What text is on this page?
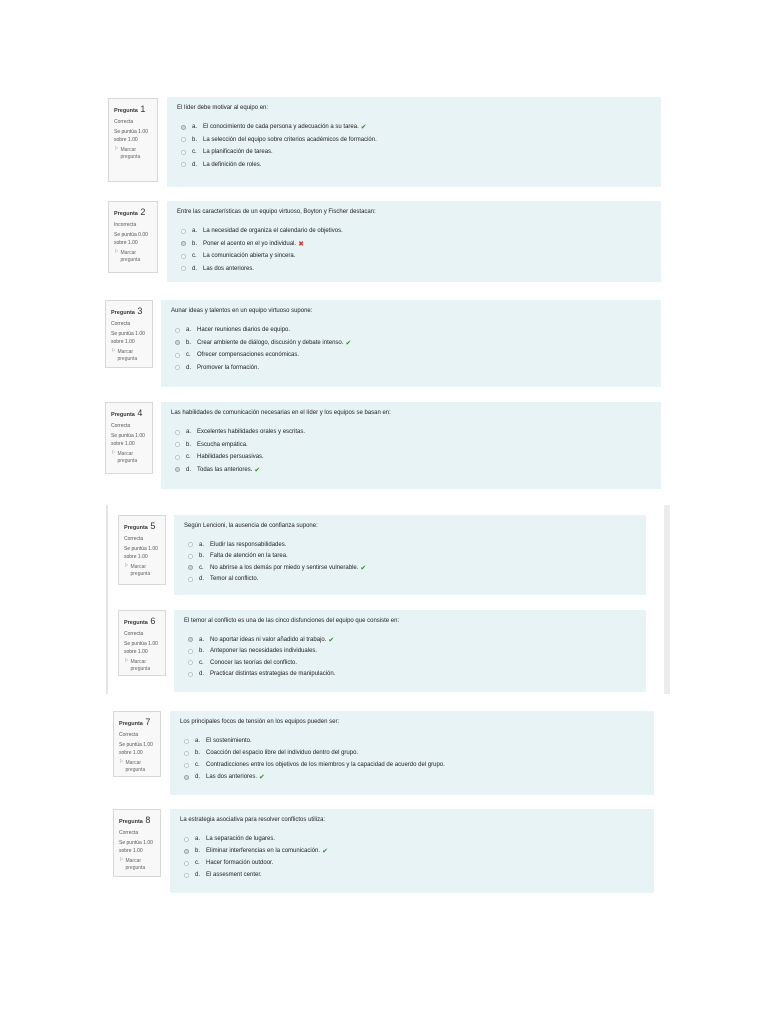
Pregunta 1
Correcta
Se puntúa 1.00 sobre 1.00
⚐ Marcar pregunta
El líder debe motivar al equipo en:
a. El conocimiento de cada persona y adecuación a su tarea. ✔
b. La selección del equipo sobre criterios académicos de formación.
c.	La planificación de tareas.
d. La definición de roles.
Pregunta 2
Incorrecta
Se puntúa 0.00 sobre 1.00
⚐ Marcar pregunta
Entre las características de un equipo virtuoso, Boyton y Fischer destacan:
a. La necesidad de organiza el calendario de objetivos.
b. Poner el acento en el yo individual. ✖
c.	La comunicación abierta y sincera.
d. Las dos anteriores.
Pregunta 3
Correcta
Se puntúa 1.00 sobre 1.00
⚐ Marcar pregunta
Aunar ideas y talentos en un equipo virtuoso supone:
a. Hacer reuniones diarios de equipo.
b. Crear ambiente de diálogo, discusión y debate intenso. ✔
c.	Ofrecer compensaciones económicas.
d. Promover la formación.
Pregunta 4
Correcta
Se puntúa 1.00 sobre 1.00
⚐ Marcar pregunta
Las habilidades de comunicación necesarias en el líder y los equipos se basan en:
a. Excelentes habilidades orales y escritas.
b. Escucha empática.
c.	Habilidades persuasivas.
d. Todas las anteriores. ✔
Pregunta 5
Correcta
Se puntúa 1.00 sobre 1.00
⚐ Marcar pregunta
Según Lencioni, la ausencia de confianza supone:
a. Eludir las responsabilidades.
b. Falta de atención en la tarea.
c.	No abrirse a los demás por miedo y sentirse vulnerable. ✔
d. Temor al conflicto.
Pregunta 6
Correcta
Se puntúa 1.00 sobre 1.00
⚐ Marcar pregunta
El temor al conflicto es una de las cinco disfunciones del equipo que consiste en:
a. No aportar ideas ni valor añadido al trabajo. ✔
b. Anteponer las necesidades individuales.
c.	Conocer las teorías del conflicto.
d. Practicar distintas estrategias de manipulación.
Pregunta 7
Correcta
Se puntúa 1.00 sobre 1.00
⚐ Marcar pregunta
Los principales focos de tensión en los equipos pueden ser:
a. El sostenimiento.
b. Coacción del espacio libre del individuo dentro del grupo.
c.	Contradicciones entre los objetivos de los miembros y la capacidad de acuerdo del grupo.
d. Las dos anteriores. ✔
Pregunta 8
Correcta
Se puntúa 1.00 sobre 1.00
⚐ Marcar pregunta
La estrategia asociativa para resolver conflictos utiliza:
a. La separación de lugares.
b. Eliminar interferencias en la comunicación. ✔
c.	Hacer formación outdoor.
d. El assesment center.
